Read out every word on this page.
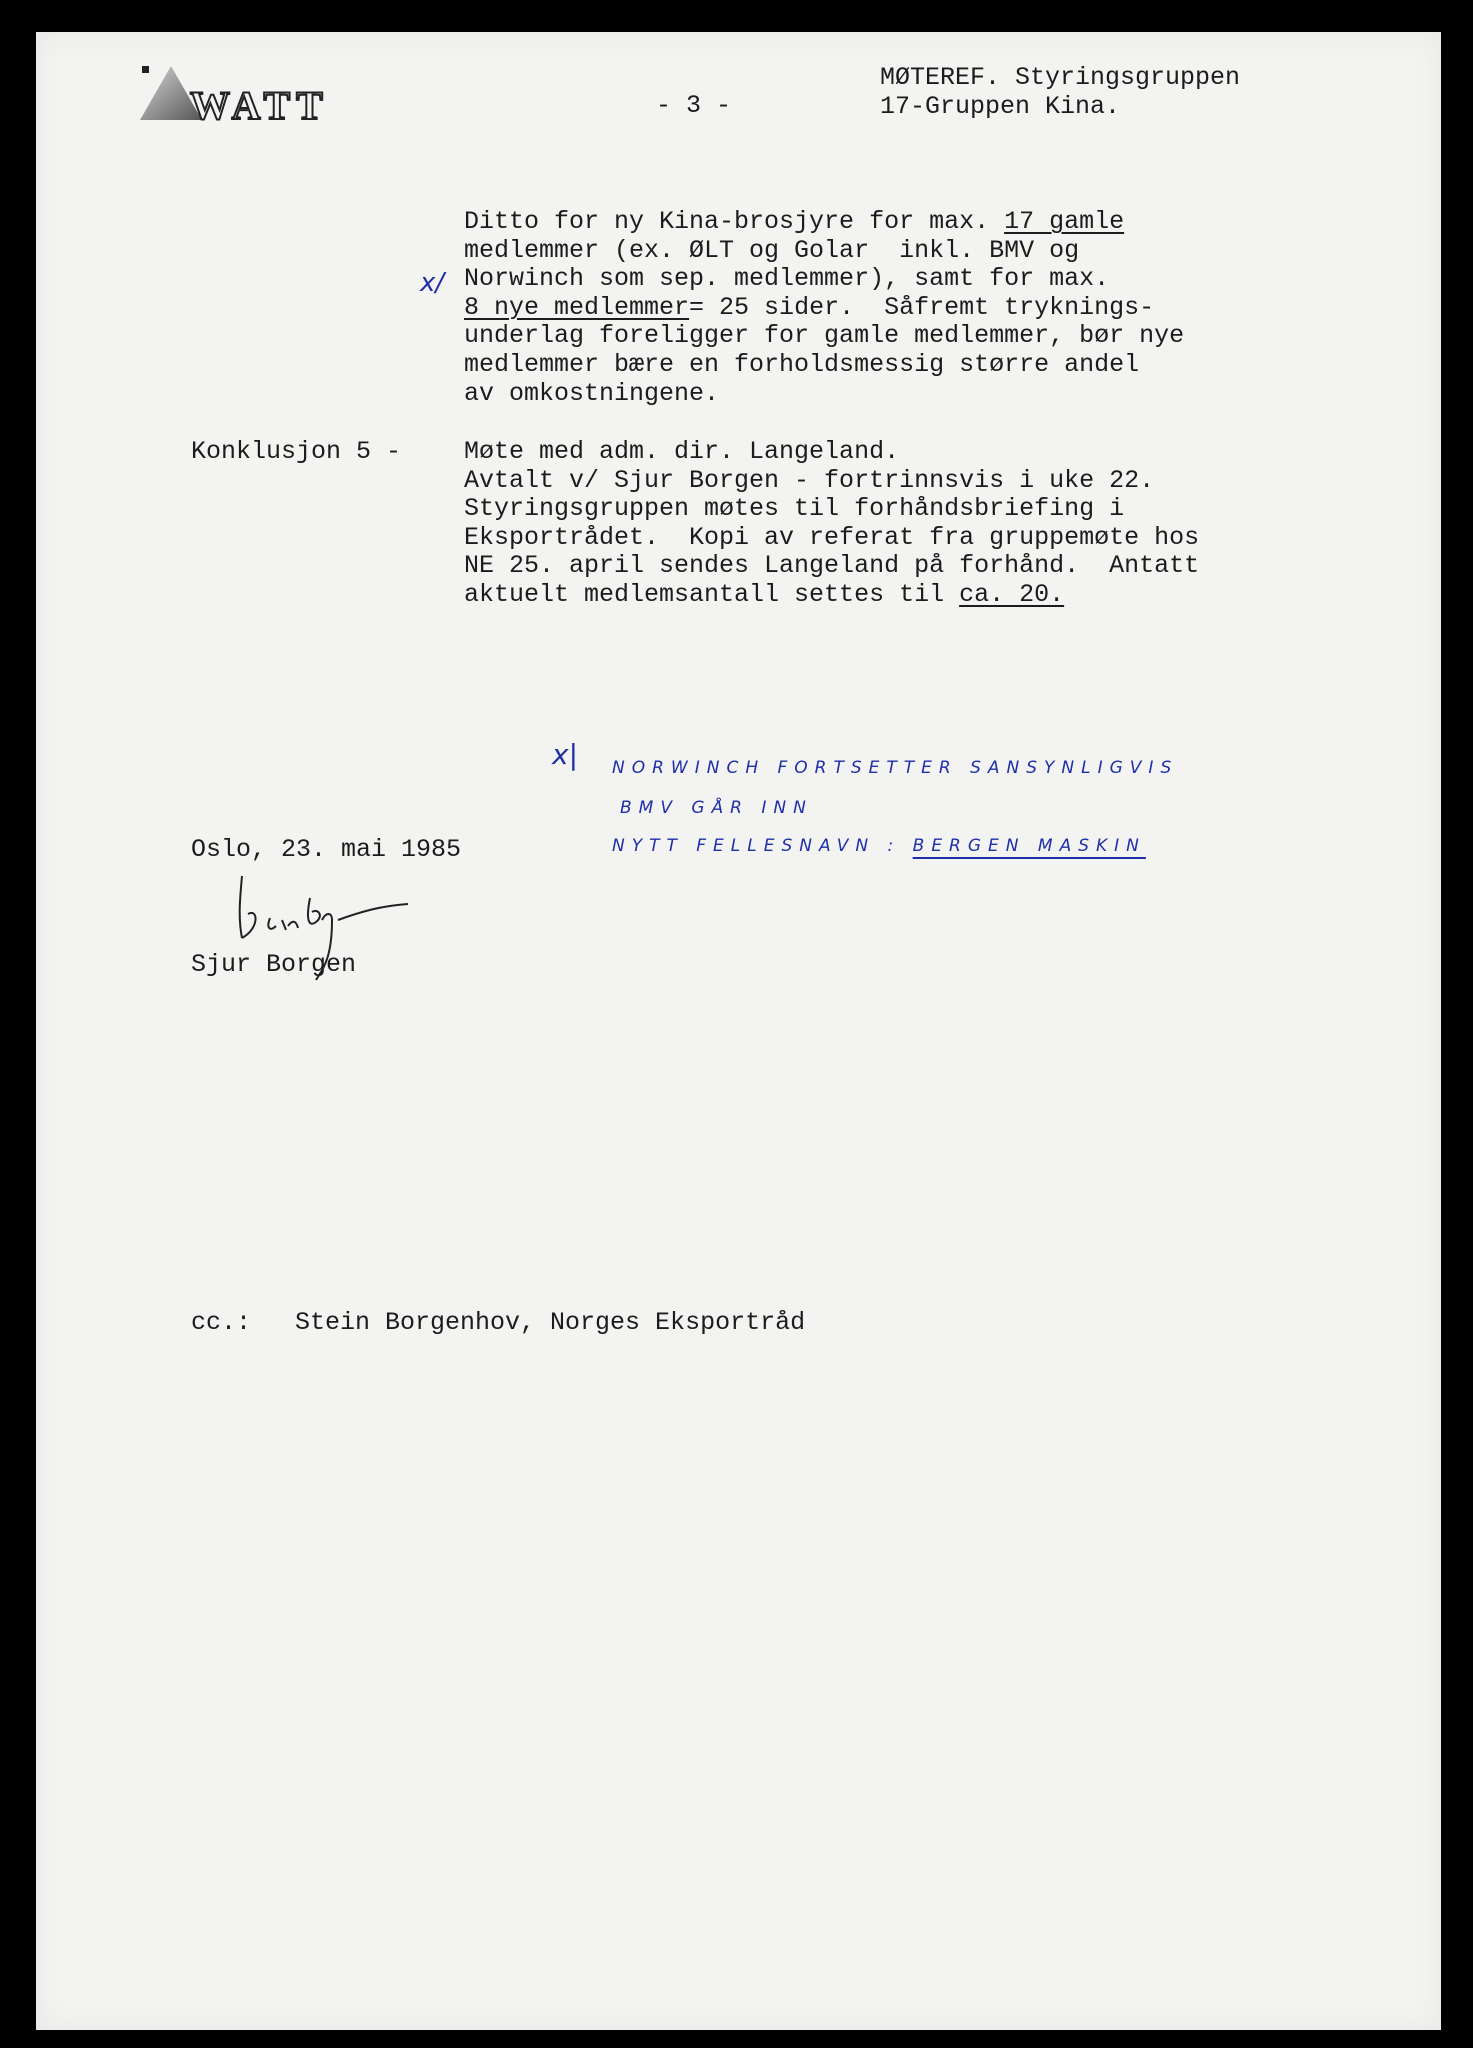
WATT	- 3 -
MØTEREF. Styringsgruppen
17-Gruppen Kina.
Ditto for ny Kina-brosjyre for max. 17 gamle
medlemmer (ex. ØLT og Golar  inkl. BMV og
Norwinch som sep. medlemmer), samt for max.
8 nye medlemmer= 25 sider.  Såfremt tryknings-
underlag foreligger for gamle medlemmer, bør nye
medlemmer bære en forholdsmessig større andel
av omkostningene.
x/
Konklusjon 5 -	Møte med adm. dir. Langeland.
Avtalt v/ Sjur Borgen - fortrinnsvis i uke 22.
Styringsgruppen møtes til forhåndsbriefing i
Eksportrådet.  Kopi av referat fra gruppemøte hos
NE 25. april sendes Langeland på forhånd.  Antatt
aktuelt medlemsantall settes til ca. 20.
x| NORWINCH FORTSETTER SANSYNLIGVIS
BMV GÅR INN
NYTT FELLESNAVN : BERGEN MASKIN
Oslo, 23. mai 1985
Sjur Borgen
cc.: Stein Borgenhov, Norges Eksportråd
